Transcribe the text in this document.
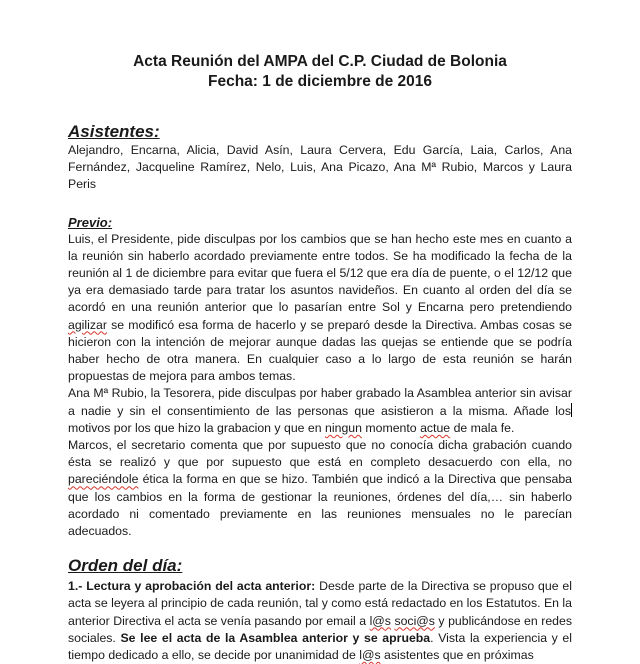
Acta Reunión del AMPA del C.P. Ciudad de Bolonia
Fecha: 1 de diciembre de 2016
Asistentes:

Alejandro, Encarna, Alicia, David Asín, Laura Cervera, Edu García, Laia, Carlos, Ana Fernández, Jacqueline Ramírez, Nelo, Luis, Ana Picazo, Ana Mª Rubio, Marcos y Laura Peris

Previo:

Luis, el Presidente, pide disculpas por los cambios que se han hecho este mes en cuanto a la reunión sin haberlo acordado previamente entre todos. Se ha modificado la fecha de la reunión al 1 de diciembre para evitar que fuera el 5/12 que era día de puente, o el 12/12 que ya era demasiado tarde para tratar los asuntos navideños. En cuanto al orden del día se acordó en una reunión anterior que lo pasarían entre Sol y Encarna pero pretendiendo agilizar se modificó esa forma de hacerlo y se preparó desde la Directiva. Ambas cosas se hicieron con la intención de mejorar aunque dadas las quejas se entiende que se podría haber hecho de otra manera. En cualquier caso a lo largo de esta reunión se harán propuestas de mejora para ambos temas.

Ana Mª Rubio, la Tesorera, pide disculpas por haber grabado la Asamblea anterior sin avisar a nadie y sin el consentimiento de las personas que asistieron a la misma. Añade los motivos por los que hizo la grabacion y que en ningun momento actue de mala fe.

Marcos, el secretario comenta que por supuesto que no conocía dicha grabación cuando ésta se realizó y que por supuesto que está en completo desacuerdo con ella, no pareciéndole ética la forma en que se hizo. También que indicó a la Directiva que pensaba que los cambios en la forma de gestionar la reuniones, órdenes del día,… sin haberlo acordado ni comentado previamente en las reuniones mensuales no le parecían adecuados.

Orden del día:

1.- Lectura y aprobación del acta anterior: Desde parte de la Directiva se propuso que el acta se leyera al principio de cada reunión, tal y como está redactado en los Estatutos. En la anterior Directiva el acta se venía pasando por email a l@s soci@s y publicándose en redes sociales. Se lee el acta de la Asamblea anterior y se aprueba. Vista la experiencia y el tiempo dedicado a ello, se decide por unanimidad de l@s asistentes que en próximas
